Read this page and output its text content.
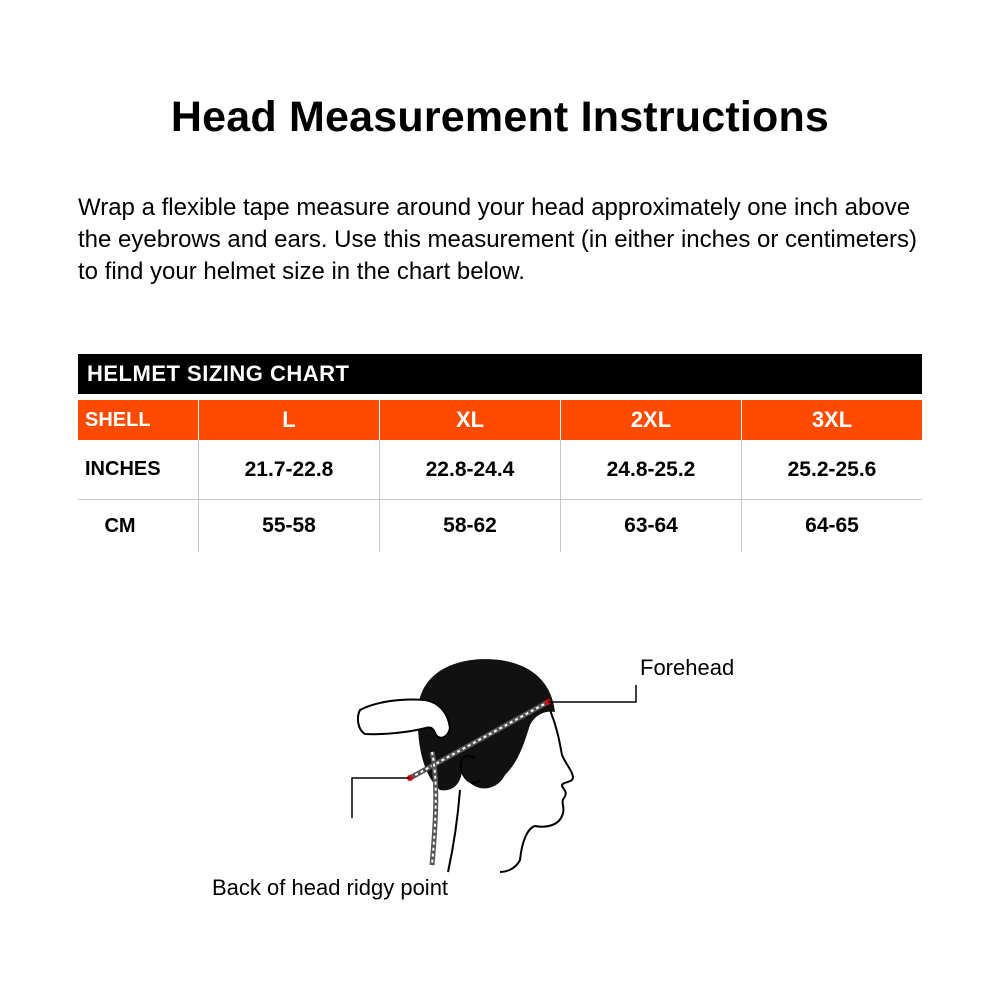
Head Measurement Instructions

Wrap a flexible tape measure around your head approximately one inch above the eyebrows and ears. Use this measurement (in either inches or centimeters) to find your helmet size in the chart below.

HELMET SIZING CHART
SHELL	L	XL	2XL	3XL
INCHES	21.7-22.8	22.8-24.4	24.8-25.2	25.2-25.6
CM	55-58	58-62	63-64	64-65
Forehead
Back of head ridgy point
